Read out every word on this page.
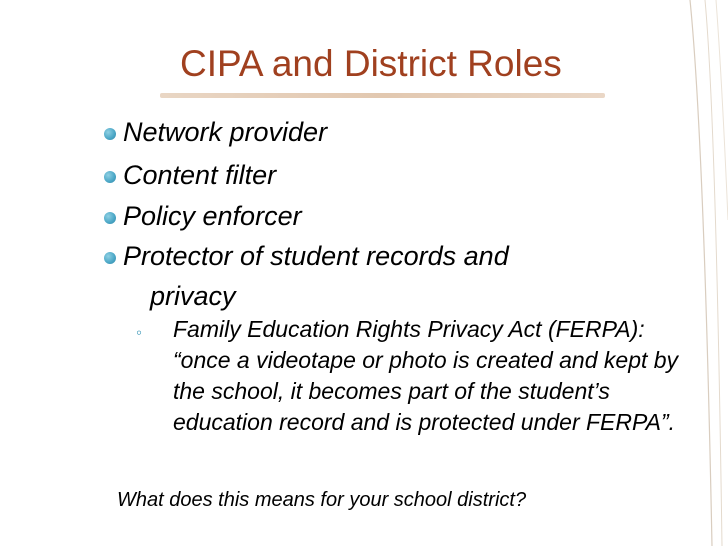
CIPA and District Roles
Network provider
Content filter
Policy enforcer
Protector of student records and
privacy
◦ Family Education Rights Privacy Act (FERPA): “once a videotape or photo is created and kept by the school, it becomes part of the student’s education record and is protected under FERPA”.
What does this means for your school district?
